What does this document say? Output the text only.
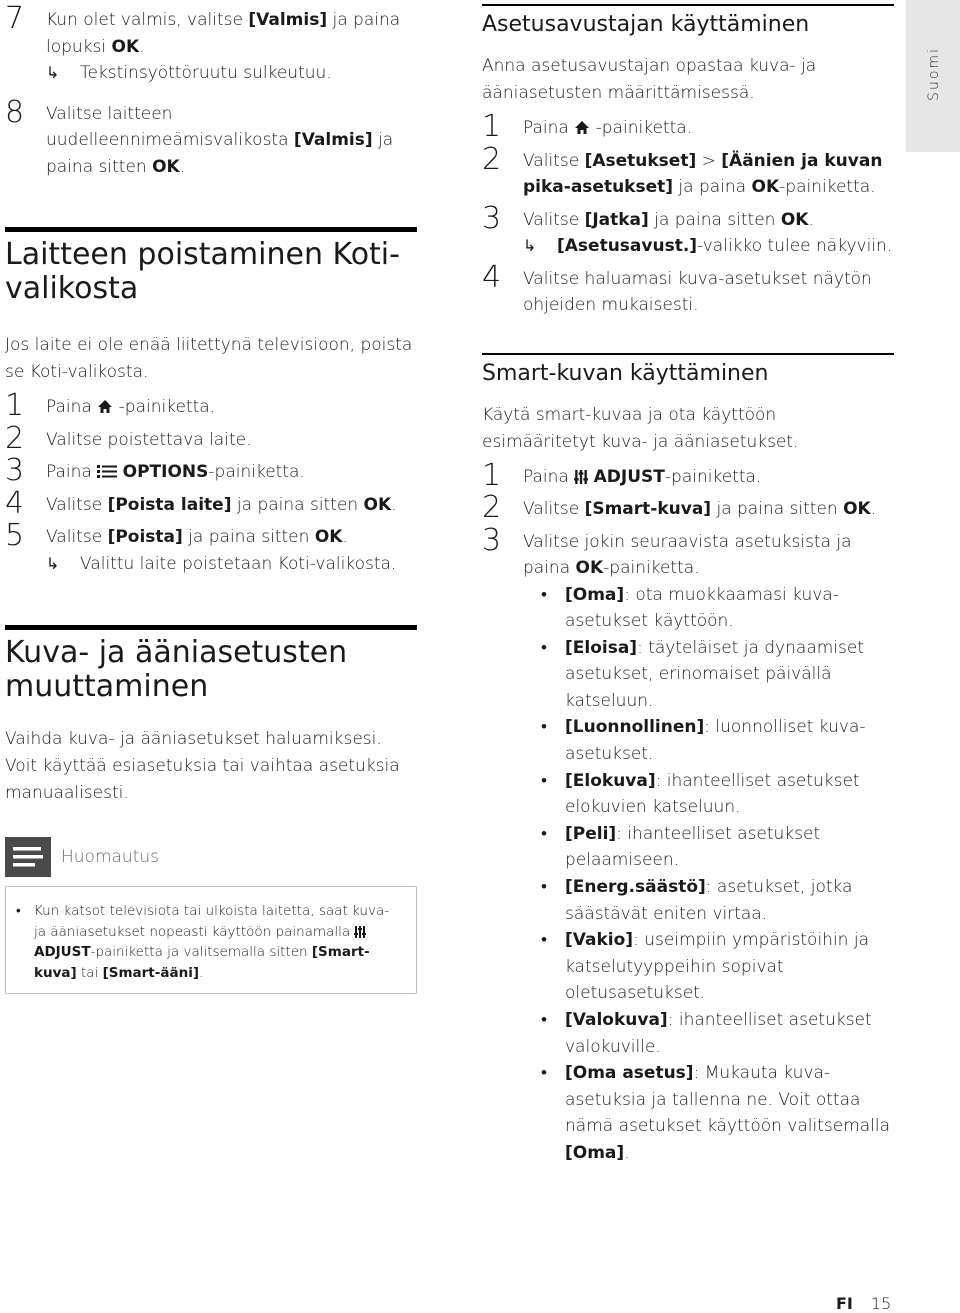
Suomi
7 Kun olet valmis, valitse [Valmis] ja paina lopuksi OK.
↳ Tekstinsyöttöruutu sulkeutuu.
8 Valitse laitteen uudelleennimeämisvalikosta [Valmis] ja paina sitten OK.
Laitteen poistaminen Koti-valikosta
Jos laite ei ole enää liitettynä televisioon, poista se Koti-valikosta.
1 Paina  -painiketta.
2 Valitse poistettava laite.
3 Paina  OPTIONS-painiketta.
4 Valitse [Poista laite] ja paina sitten OK.
5 Valitse [Poista] ja paina sitten OK.
↳ Valittu laite poistetaan Koti-valikosta.
Kuva- ja ääniasetusten muuttaminen
Vaihda kuva- ja ääniasetukset haluamiksesi. Voit käyttää esiasetuksia tai vaihtaa asetuksia manuaalisesti.
Huomautus
• Kun katsot televisiota tai ulkoista laitetta, saat kuva- ja ääniasetukset nopeasti käyttöön painamalla  ADJUST-painiketta ja valitsemalla sitten [Smart-kuva] tai [Smart-ääni].
Asetusavustajan käyttäminen
Anna asetusavustajan opastaa kuva- ja ääniasetusten määrittämisessä.
1 Paina  -painiketta.
2 Valitse [Asetukset] > [Äänien ja kuvan pika-asetukset] ja paina OK-painiketta.
3 Valitse [Jatka] ja paina sitten OK.
↳ [Asetusavust.]-valikko tulee näkyviin.
4 Valitse haluamasi kuva-asetukset näytön ohjeiden mukaisesti.
Smart-kuvan käyttäminen
Käytä smart-kuvaa ja ota käyttöön esimääritetyt kuva- ja ääniasetukset.
1 Paina  ADJUST-painiketta.
2 Valitse [Smart-kuva] ja paina sitten OK.
3 Valitse jokin seuraavista asetuksista ja paina OK-painiketta.
•	[Oma]: ota muokkaamasi kuva-asetukset käyttöön.
•	[Eloisa]: täyteläiset ja dynaamiset asetukset, erinomaiset päivällä katseluun.
•	[Luonnollinen]: luonnolliset kuva-asetukset.
•	[Elokuva]: ihanteelliset asetukset elokuvien katseluun.
•	[Peli]: ihanteelliset asetukset pelaamiseen.
•	[Energ.säästö]: asetukset, jotka säästävät eniten virtaa.
•	[Vakio]: useimpiin ympäristöihin ja katselutyyppeihin sopivat oletusasetukset.
•	[Valokuva]: ihanteelliset asetukset valokuville.
•	[Oma asetus]: Mukauta kuva-asetuksia ja tallenna ne. Voit ottaa nämä asetukset käyttöön valitsemalla [Oma].
FI 15
